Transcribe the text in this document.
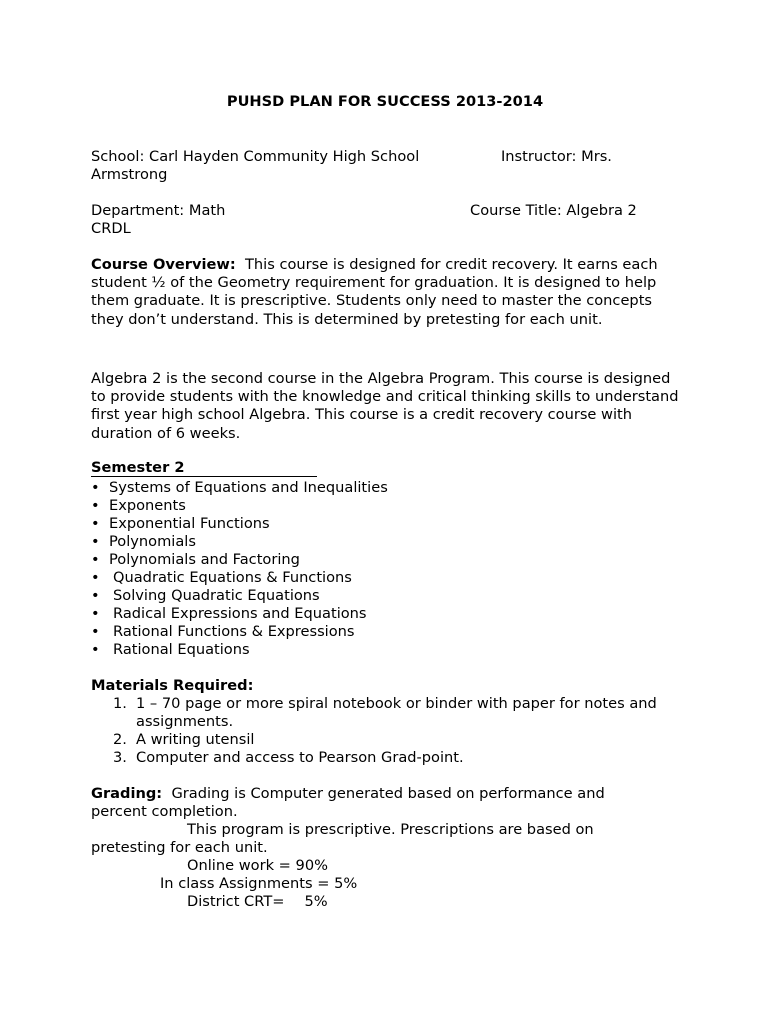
PUHSD PLAN FOR SUCCESS 2013-2014
School: Carl Hayden Community High School	Instructor: Mrs.
Armstrong
Department: Math	Course Title: Algebra 2
CRDL
Course Overview: This course is designed for credit recovery. It earns each student ½ of the Geometry requirement for graduation. It is designed to help them graduate. It is prescriptive. Students only need to master the concepts they don’t understand. This is determined by pretesting for each unit.
Algebra 2 is the second course in the Algebra Program. This course is designed to provide students with the knowledge and critical thinking skills to understand first year high school Algebra. This course is a credit recovery course with duration of 6 weeks.
Semester 2
• Systems of Equations and Inequalities
• Exponents
• Exponential Functions
• Polynomials
• Polynomials and Factoring
• Quadratic Equations & Functions
• Solving Quadratic Equations
• Radical Expressions and Equations
• Rational Functions & Expressions
• Rational Equations
Materials Required:
1. 1 – 70 page or more spiral notebook or binder with paper for notes and assignments.
2. A writing utensil
3. Computer and access to Pearson Grad-point.
Grading: Grading is Computer generated based on performance and percent completion.
This program is prescriptive. Prescriptions are based on
pretesting for each unit.
Online work = 90%
In class Assignments = 5%
District CRT= 5%
